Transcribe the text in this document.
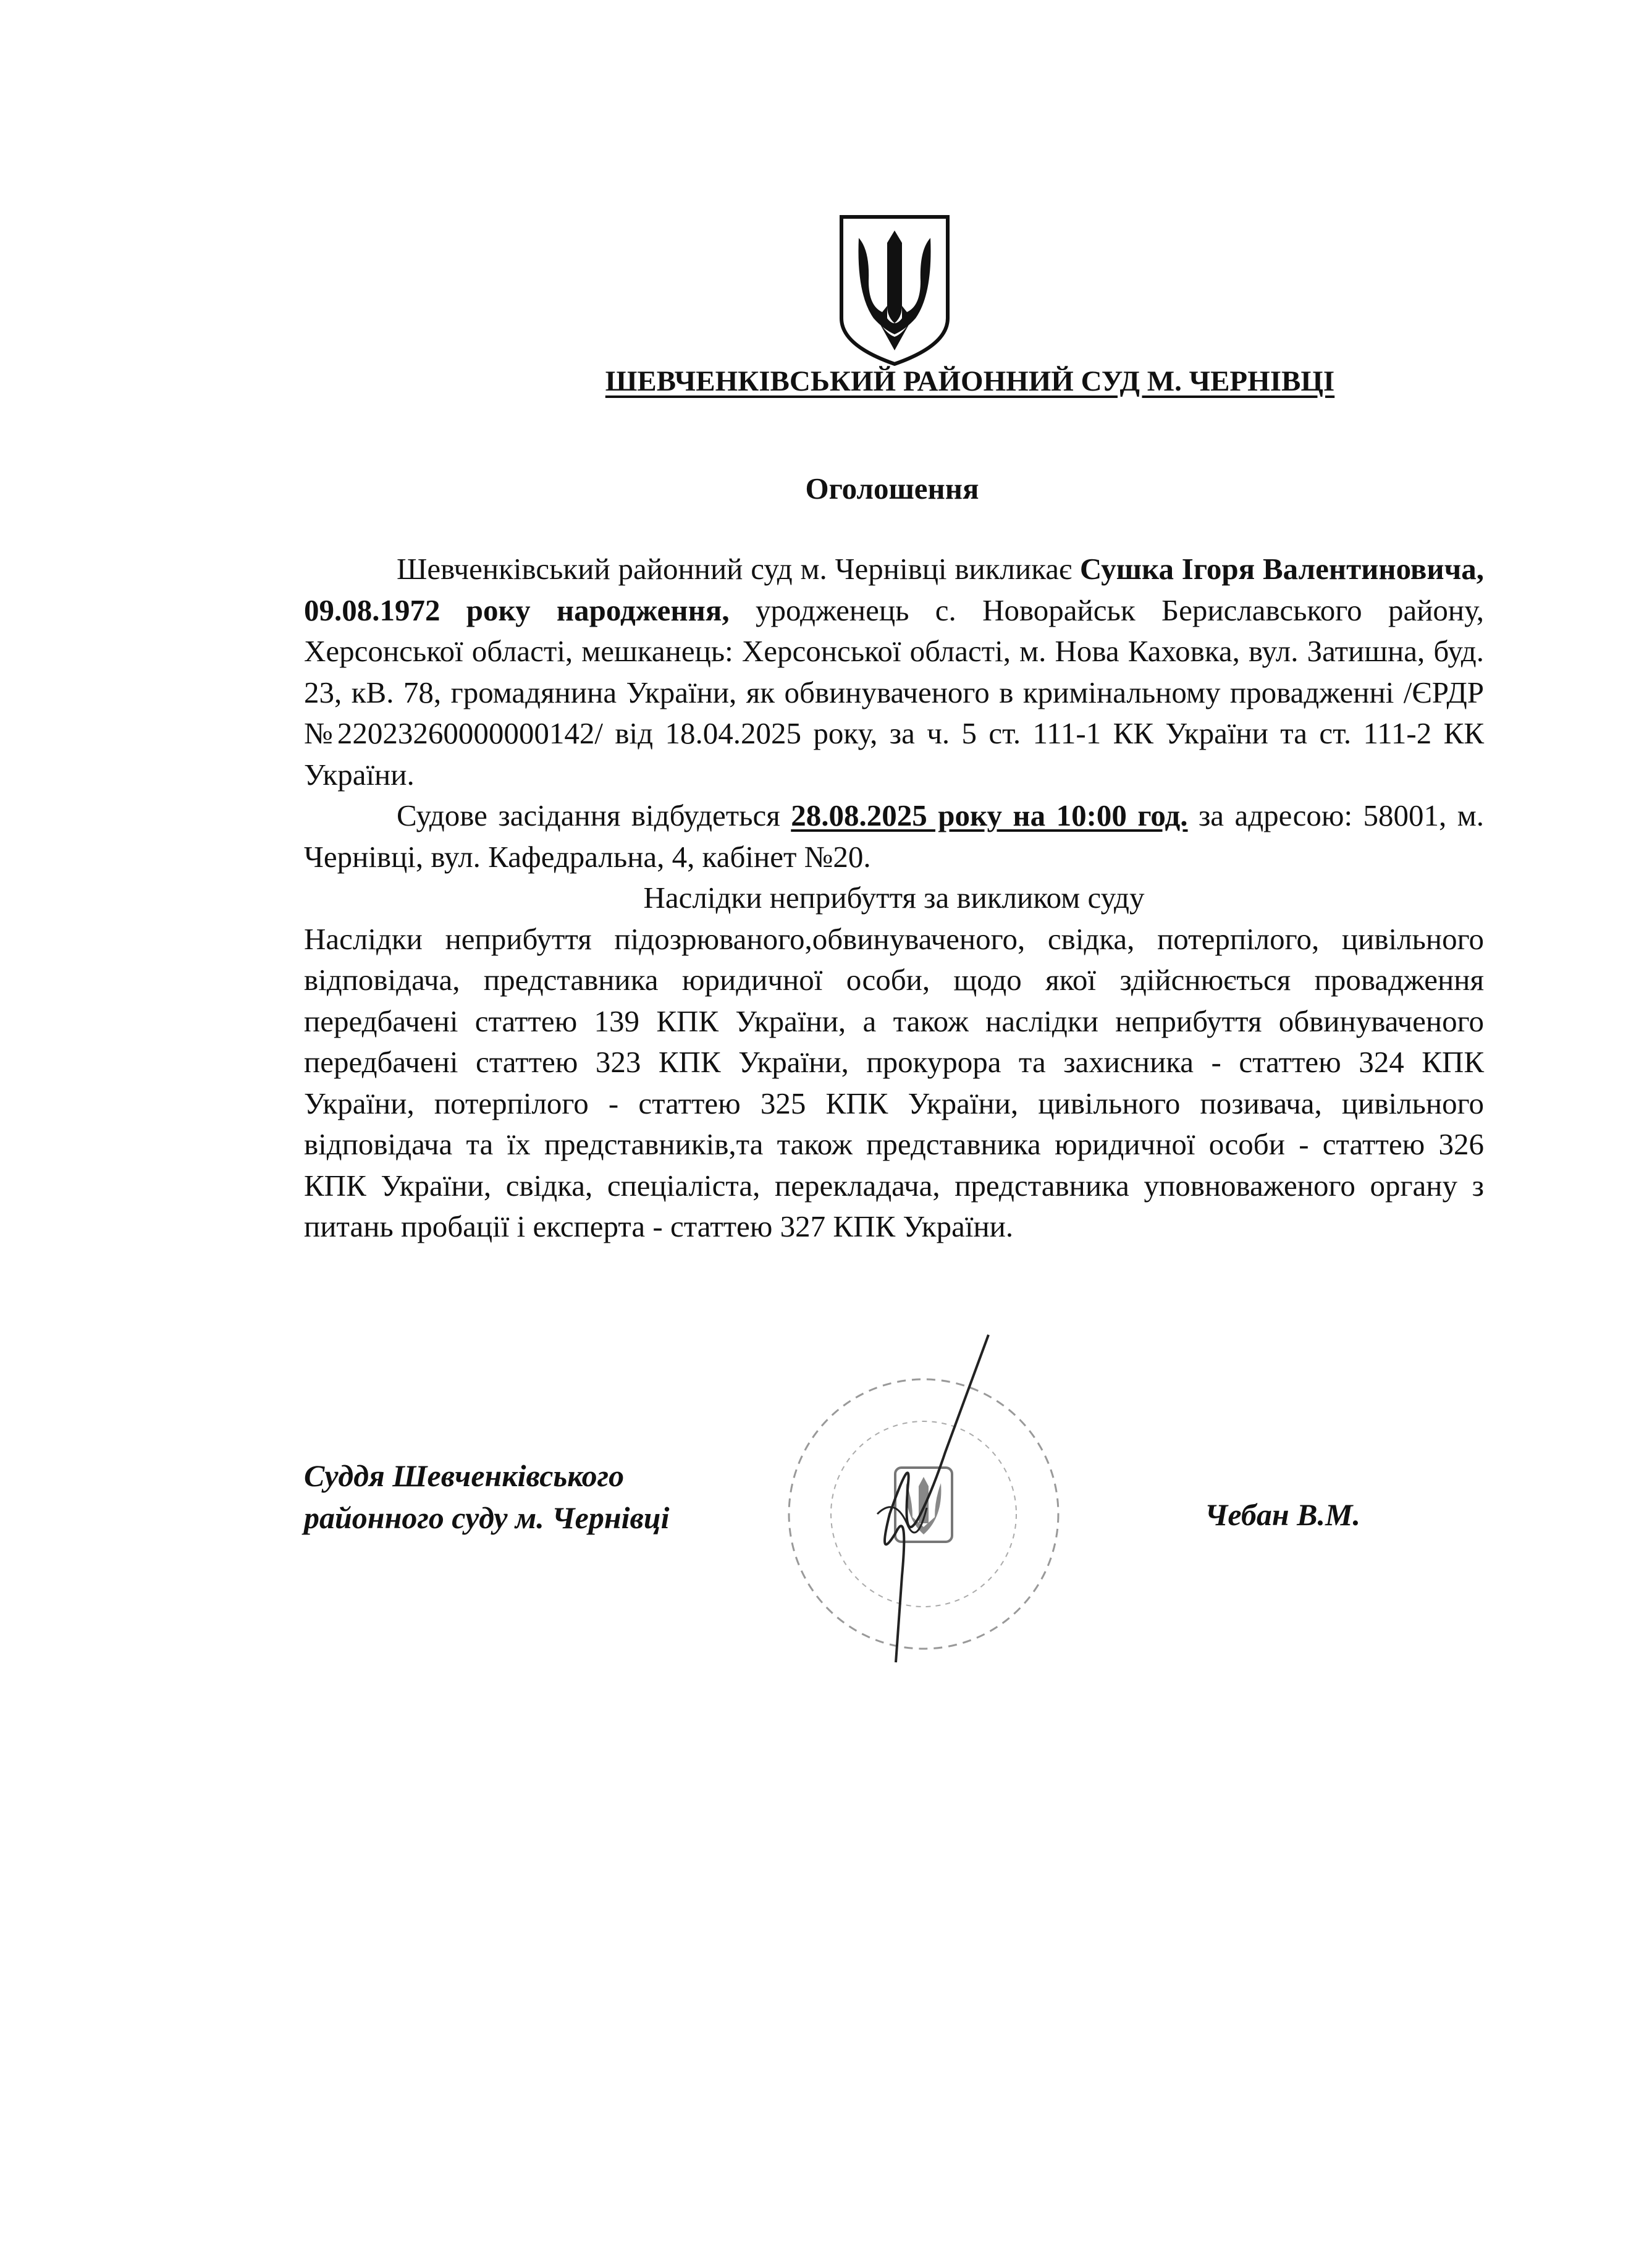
ШЕВЧЕНКІВСЬКИЙ РАЙОННИЙ СУД М. ЧЕРНІВЦІ
Оголошення

Шевченківський районний суд м. Чернівці викликає Сушка Ігоря Валентиновича, 09.08.1972 року народження, уродженець с. Новорайськ Бериславського району, Херсонської області, мешканець: Херсонської області, м. Нова Каховка, вул. Затишна, буд. 23, кВ. 78, громадянина України, як обвинуваченого в кримінальному провадженні /ЄРДР №22023260000000142/ від 18.04.2025 року, за ч. 5 ст. 111-1 КК України та ст. 111-2 КК України.

Судове засідання відбудеться 28.08.2025 року на 10:00 год. за адресою: 58001, м. Чернівці, вул. Кафедральна, 4, кабінет №20.

Наслідки неприбуття за викликом суду

Наслідки неприбуття підозрюваного,обвинуваченого, свідка, потерпілого, цивільного відповідача, представника юридичної особи, щодо якої здійснюється провадження передбачені статтею 139 КПК України, а також наслідки неприбуття обвинуваченого передбачені статтею 323 КПК України, прокурора та захисника - статтею 324 КПК України, потерпілого - статтею 325 КПК України, цивільного позивача, цивільного відповідача та їх представників,та також представника юридичної особи - статтею 326 КПК України, свідка, спеціаліста, перекладача, представника уповноваженого органу з питань пробації і експерта - статтею 327 КПК України.

Суддя Шевченківського
районного суду м. Чернівці	Чебан В.М.
